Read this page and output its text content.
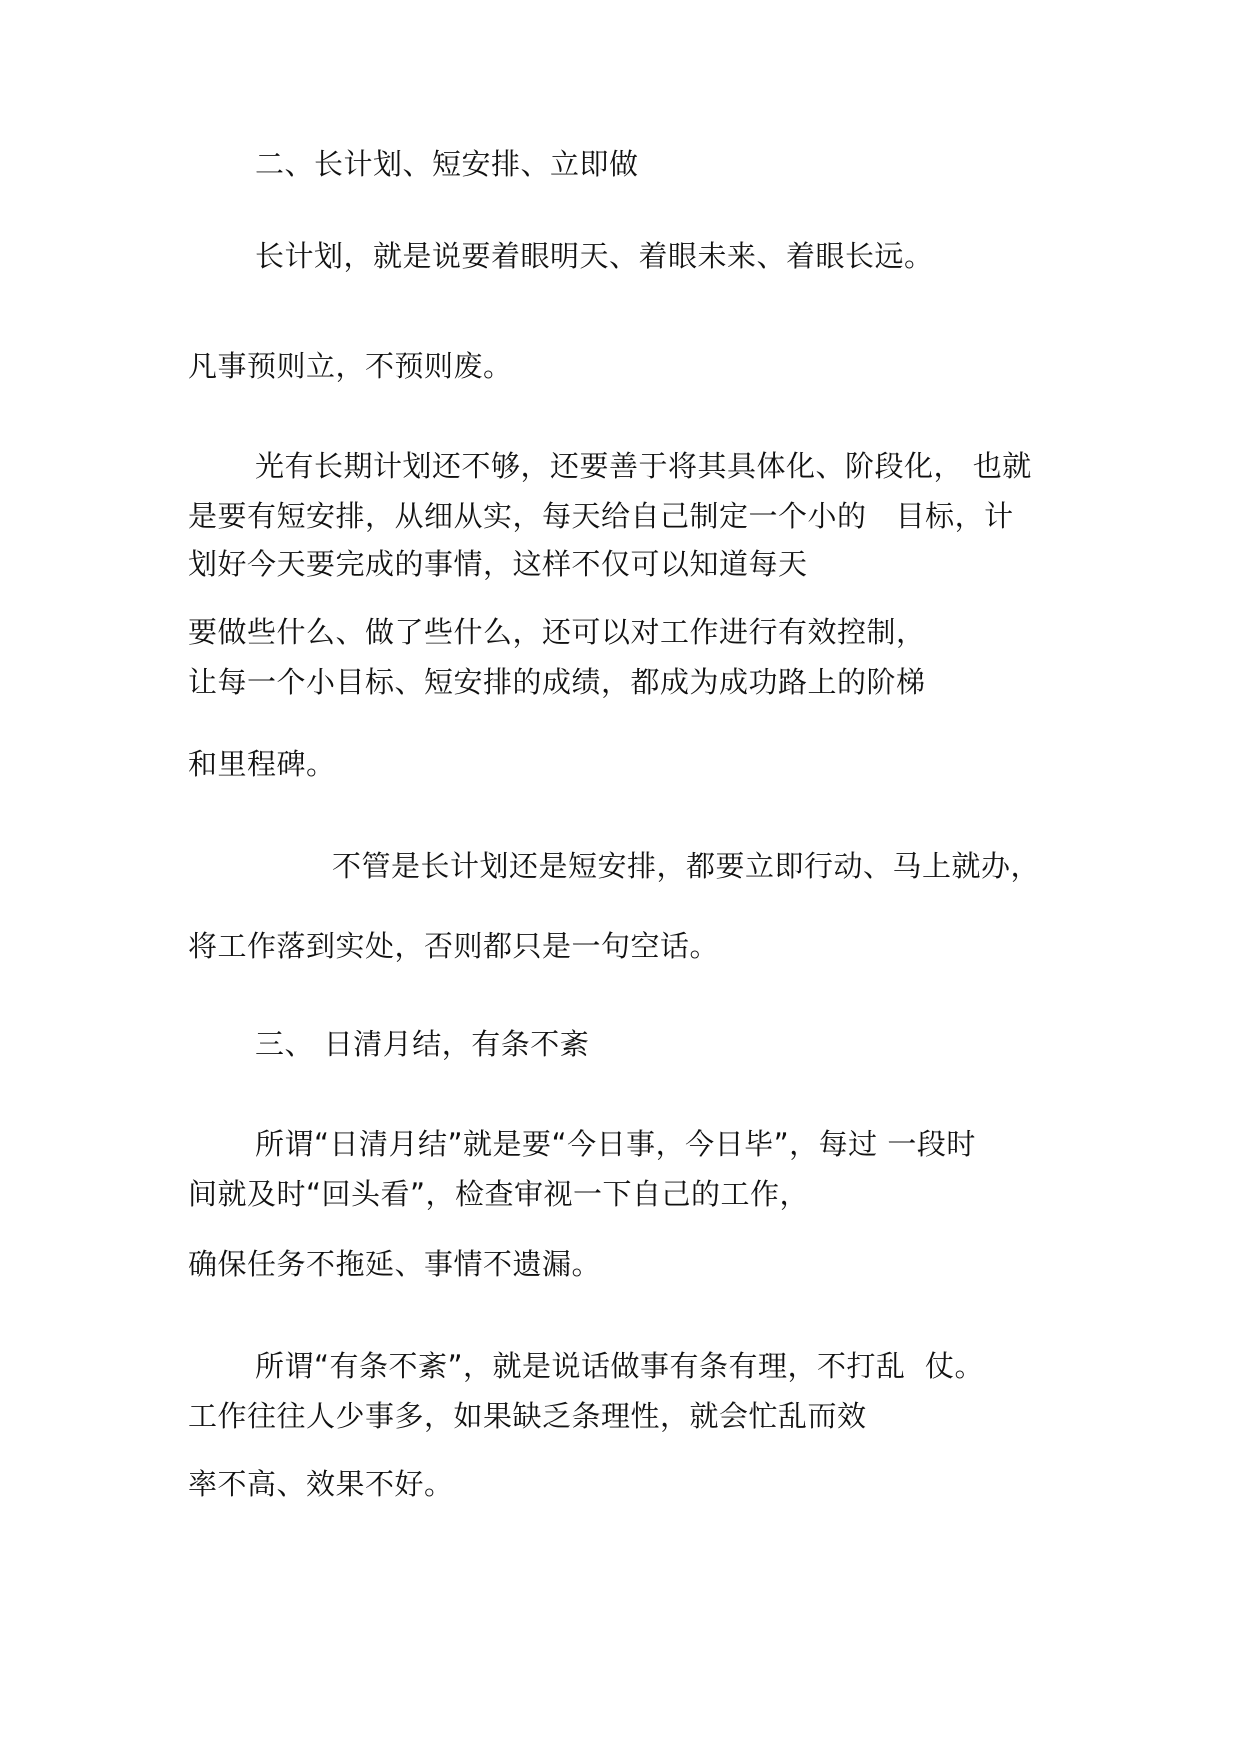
二、长计划、短安排、立即做

长计划，就是说要着眼明天、着眼未来、着眼长远。

凡事预则立，不预则废。

光有长期计划还不够，还要善于将其具体化、阶段化， 也就

是要有短安排，从细从实，每天给自己制定一个小的   目标，计

划好今天要完成的事情，这样不仅可以知道每天

要做些什么、做了些什么，还可以对工作进行有效控制，

让每一个小目标、短安排的成绩，都成为成功路上的阶梯

和里程碑。

不管是长计划还是短安排，都要立即行动、马上就办，

将工作落到实处，否则都只是一句空话。

三、 日清月结，有条不紊

所谓“日清月结”就是要“今日事，今日毕”，每过 一段时

间就及时“回头看”，检查审视一下自己的工作，

确保任务不拖延、事情不遗漏。

所谓“有条不紊”，就是说话做事有条有理，不打乱  仗。

工作往往人少事多，如果缺乏条理性，就会忙乱而效

率不高、效果不好。
